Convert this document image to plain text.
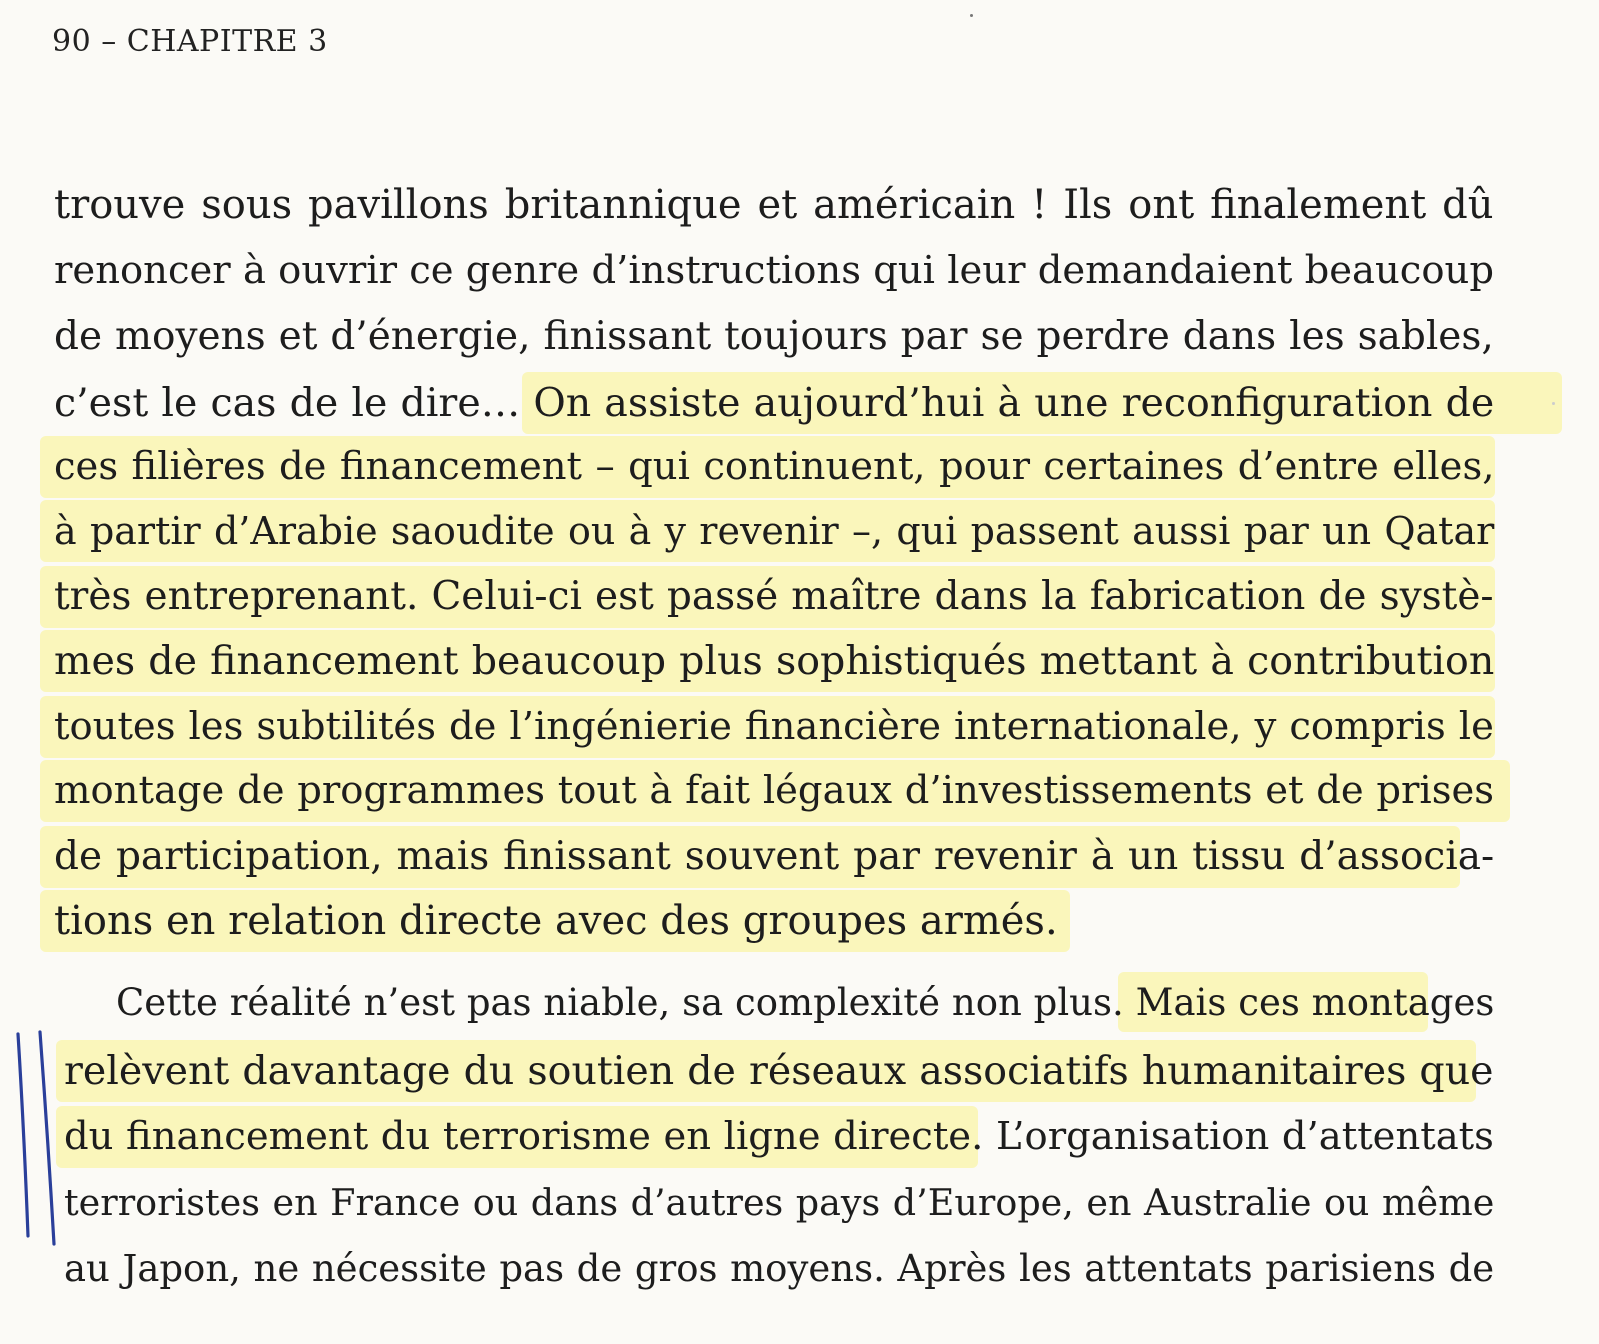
90 – CHAPITRE 3
trouve sous pavillons britannique et américain ! Ils ont finalement dû
renoncer à ouvrir ce genre d’instructions qui leur demandaient beaucoup
de moyens et d’énergie, finissant toujours par se perdre dans les sables,
c’est le cas de le dire… On assiste aujourd’hui à une reconfiguration de
ces filières de financement – qui continuent, pour certaines d’entre elles,
à partir d’Arabie saoudite ou à y revenir –, qui passent aussi par un Qatar
très entreprenant. Celui-ci est passé maître dans la fabrication de systè-
mes de financement beaucoup plus sophistiqués mettant à contribution
toutes les subtilités de l’ingénierie financière internationale, y compris le
montage de programmes tout à fait légaux d’investissements et de prises
de participation, mais finissant souvent par revenir à un tissu d’associa-
tions en relation directe avec des groupes armés.
Cette réalité n’est pas niable, sa complexité non plus. Mais ces montages
relèvent davantage du soutien de réseaux associatifs humanitaires que
du financement du terrorisme en ligne directe. L’organisation d’attentats
terroristes en France ou dans d’autres pays d’Europe, en Australie ou même
au Japon, ne nécessite pas de gros moyens. Après les attentats parisiens de
